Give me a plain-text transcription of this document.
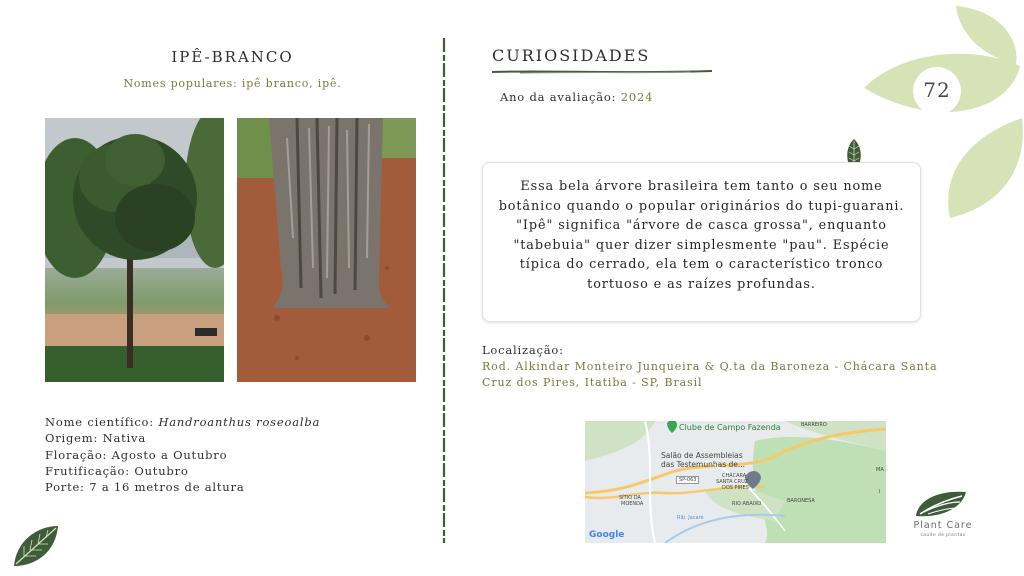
72
IPÊ-BRANCO
Nomes populares: ipê branco, ipê.
Nome científico: Handroanthus roseoalba
Origem: Nativa
Floração: Agosto a Outubro
Frutificação: Outubro
Porte: 7 a 16 metros de altura
CURIOSIDADES
Ano da avaliação: 2024
Essa bela árvore brasileira tem tanto o seu nome botânico quando o popular originários do tupi-guarani. "Ipê" significa "árvore de casca grossa", enquanto "tabebuia" quer dizer simplesmente "pau". Espécie típica do cerrado, ela tem o característico tronco tortuoso e as raízes profundas.
Localização:
Rod. Alkindar Monteiro Junqueira & Q.ta da Baroneza - Chácara Santa Cruz dos Pires, Itatiba - SP, Brasil
Clube de Campo Fazenda	BARREIRO
Salão de Assembleias
das Testemunhas de...
SP-063
CHÁCARA
SANTA CRUZ
DOS PIRES
SÍTIO DA
MOENDA	RIO ABAIXO	BARONESA
Rib. Jacaré
MA
I
Google
Plant Care
saúde de plantas
